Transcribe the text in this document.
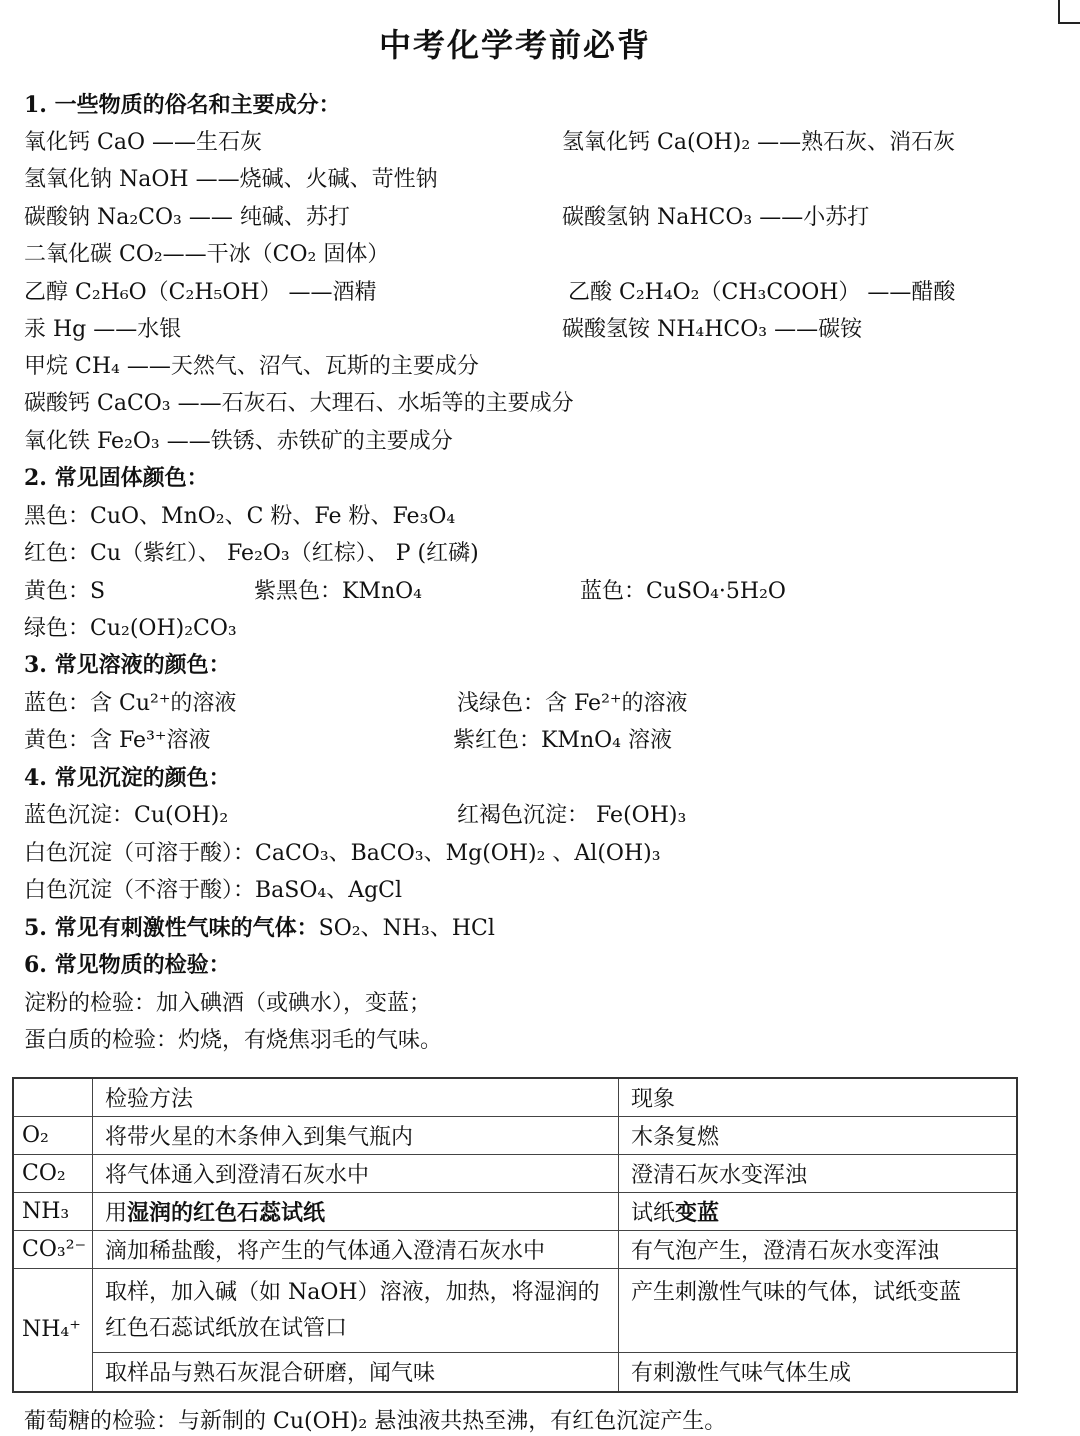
中考化学考前必背
1. 一些物质的俗名和主要成分：
氧化钙 CaO ——生石灰	氢氧化钙 Ca(OH)₂ ——熟石灰、消石灰
氢氧化钠 NaOH ——烧碱、火碱、苛性钠
碳酸钠 Na₂CO₃ —— 纯碱、苏打	碳酸氢钠 NaHCO₃ ——小苏打
二氧化碳 CO₂——干冰（CO₂ 固体）
乙醇 C₂H₆O（C₂H₅OH） ——酒精	乙酸 C₂H₄O₂（CH₃COOH） ——醋酸
汞 Hg ——水银	碳酸氢铵 NH₄HCO₃ ——碳铵
甲烷 CH₄ ——天然气、沼气、瓦斯的主要成分
碳酸钙 CaCO₃ ——石灰石、大理石、水垢等的主要成分
氧化铁 Fe₂O₃ ——铁锈、赤铁矿的主要成分
2. 常见固体颜色：
黑色：CuO、MnO₂、C 粉、Fe 粉、Fe₃O₄
红色：Cu（紫红）、 Fe₂O₃（红棕）、 P (红磷)
黄色：S	紫黑色：KMnO₄	蓝色：CuSO₄·5H₂O
绿色：Cu₂(OH)₂CO₃
3. 常见溶液的颜色：
蓝色：含 Cu²⁺的溶液	浅绿色：含 Fe²⁺的溶液
黄色：含 Fe³⁺溶液	紫红色：KMnO₄ 溶液
4. 常见沉淀的颜色：
蓝色沉淀：Cu(OH)₂	红褐色沉淀： Fe(OH)₃
白色沉淀（可溶于酸）：CaCO₃、BaCO₃、Mg(OH)₂ 、Al(OH)₃
白色沉淀（不溶于酸）：BaSO₄、AgCl
5. 常见有刺激性气味的气体：SO₂、NH₃、HCl
6. 常见物质的检验：
淀粉的检验：加入碘酒（或碘水），变蓝；
蛋白质的检验：灼烧，有烧焦羽毛的气味。
	检验方法	现象
O₂	将带火星的木条伸入到集气瓶内	木条复燃
CO₂	将气体通入到澄清石灰水中	澄清石灰水变浑浊
NH₃	用湿润的红色石蕊试纸	试纸变蓝
CO₃²⁻	滴加稀盐酸，将产生的气体通入澄清石灰水中	有气泡产生，澄清石灰水变浑浊
NH₄⁺	取样，加入碱（如 NaOH）溶液，加热，将湿润的红色石蕊试纸放在试管口	产生刺激性气味的气体，试纸变蓝
	取样品与熟石灰混合研磨，闻气味	有刺激性气味气体生成
葡萄糖的检验：与新制的 Cu(OH)₂ 悬浊液共热至沸，有红色沉淀产生。
